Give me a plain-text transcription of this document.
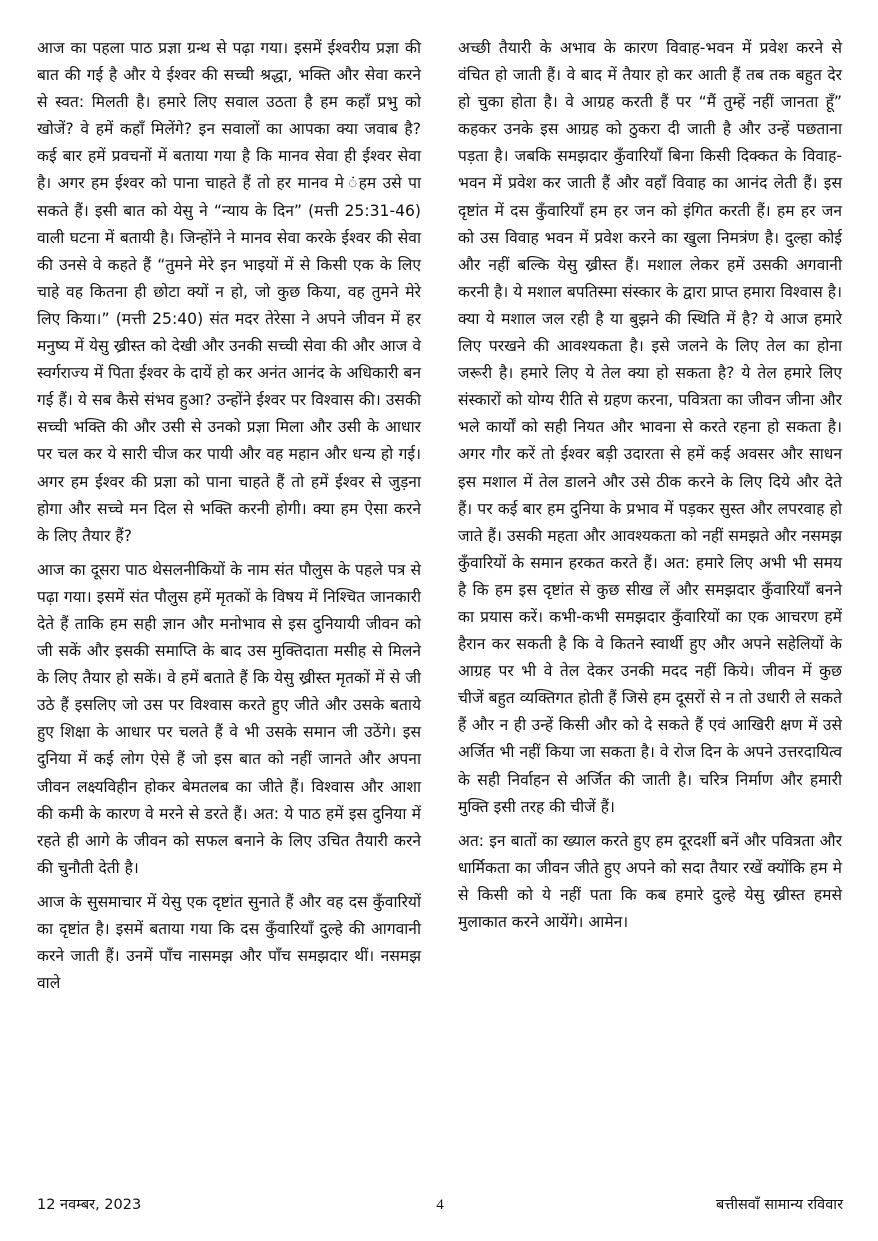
आज का पहला पाठ प्रज्ञा ग्रन्थ से पढ़ा गया। इसमें ईश्वरीय प्रज्ञा की बात की गई है और ये ईश्वर की सच्ची श्रद्धा, भक्ति और सेवा करने से स्वत: मिलती है। हमारे लिए सवाल उठता है हम कहाँ प्रभु को खोजें? वे हमें कहाँ मिलेंगे? इन सवालों का आपका क्या जवाब है? कई बार हमें प्रवचनों में बताया गया है कि मानव सेवा ही ईश्वर सेवा है। अगर हम ईश्वर को पाना चाहते हैं तो हर मानव मे ंहम उसे पा सकते हैं। इसी बात को येसु ने “न्याय के दिन” (मत्ती 25:31-46) वाली घटना में बतायी है। जिन्होंने ने मानव सेवा करके ईश्वर की सेवा की उनसे वे कहते हैं “तुमने मेरे इन भाइयों में से किसी एक के लिए चाहे वह कितना ही छोटा क्यों न हो, जो कुछ किया, वह तुमने मेरे लिए किया।” (मत्ती 25:40) संत मदर तेरेसा ने अपने जीवन में हर मनुष्य में येसु ख्रीस्त को देखी और उनकी सच्ची सेवा की और आज वे स्वर्गराज्य में पिता ईश्वर के दायें हो कर अनंत आनंद के अधिकारी बन गई हैं। ये सब कैसे संभव हुआ? उन्होंने ईश्वर पर विश्वास की। उसकी सच्ची भक्ति की और उसी से उनको प्रज्ञा मिला और उसी के आधार पर चल कर ये सारी चीज कर पायी और वह महान और धन्य हो गई। अगर हम ईश्वर की प्रज्ञा को पाना चाहते हैं तो हमें ईश्वर से जुड़ना होगा और सच्चे मन दिल से भक्ति करनी होगी। क्या हम ऐसा करने के लिए तैयार हैं?

आज का दूसरा पाठ थेसलनीकियों के नाम संत पौलुस के पहले पत्र से पढ़ा गया। इसमें संत पौलुस हमें मृतकों के विषय में निश्चित जानकारी देते हैं ताकि हम सही ज्ञान और मनोभाव से इस दुनियायी जीवन को जी सकें और इसकी समाप्ति के बाद उस मुक्तिदाता मसीह से मिलने के लिए तैयार हो सकें। वे हमें बताते हैं कि येसु ख्रीस्त मृतकों में से जी उठे हैं इसलिए जो उस पर विश्वास करते हुए जीते और उसके बताये हुए शिक्षा के आधार पर चलते हैं वे भी उसके समान जी उठेंगे। इस दुनिया में कई लोग ऐसे हैं जो इस बात को नहीं जानते और अपना जीवन लक्ष्यविहीन होकर बेमतलब का जीते हैं। विश्वास और आशा की कमी के कारण वे मरने से डरते हैं। अत: ये पाठ हमें इस दुनिया में रहते ही आगे के जीवन को सफल बनाने के लिए उचित तैयारी करने की चुनौती देती है।

आज के सुसमाचार में येसु एक दृष्टांत सुनाते हैं और वह दस कुँवारियों का दृष्टांत है। इसमें बताया गया कि दस कुँवारियाँ दुल्हे की आगवानी करने जाती हैं। उनमें पाँच नासमझ और पाँच समझदार थीं। नसमझ वाले

अच्छी तैयारी के अभाव के कारण विवाह-भवन में प्रवेश करने से वंचित हो जाती हैं। वे बाद में तैयार हो कर आती हैं तब तक बहुत देर हो चुका होता है। वे आग्रह करती हैं पर “मैं तुम्हें नहीं जानता हूँ” कहकर उनके इस आग्रह को ठुकरा दी जाती है और उन्हें पछताना पड़ता है। जबकि समझदार कुँवारियाँ बिना किसी दिक्कत के विवाह-भवन में प्रवेश कर जाती हैं और वहाँ विवाह का आनंद लेती हैं। इस दृष्टांत में दस कुँवारियाँ हम हर जन को इंगित करती हैं। हम हर जन को उस विवाह भवन में प्रवेश करने का खुला निमत्रंण है। दुल्हा कोई और नहीं बल्कि येसु ख्रीस्त हैं। मशाल लेकर हमें उसकी अगवानी करनी है। ये मशाल बपतिस्मा संस्कार के द्वारा प्राप्त हमारा विश्वास है। क्या ये मशाल जल रही है या बुझने की स्थिति में है? ये आज हमारे लिए परखने की आवश्यकता है। इसे जलने के लिए तेल का होना जरूरी है। हमारे लिए ये तेल क्या हो सकता है? ये तेल हमारे लिए संस्कारों को योग्य रीति से ग्रहण करना, पवित्रता का जीवन जीना और भले कार्यों को सही नियत और भावना से करते रहना हो सकता है। अगर गौर करें तो ईश्वर बड़ी उदारता से हमें कई अवसर और साधन इस मशाल में तेल डालने और उसे ठीक करने के लिए दिये और देते हैं। पर कई बार हम दुनिया के प्रभाव में पड़कर सुस्त और लपरवाह हो जाते हैं। उसकी महता और आवश्यकता को नहीं समझते और नसमझ कुँवारियों के समान हरकत करते हैं। अत: हमारे लिए अभी भी समय है कि हम इस दृष्टांत से कुछ सीख लें और समझदार कुँवारियाँ बनने का प्रयास करें। कभी-कभी समझदार कुँवारियों का एक आचरण हमें हैरान कर सकती है कि वे कितने स्वार्थी हुए और अपने सहेलियों के आग्रह पर भी वे तेल देकर उनकी मदद नहीं किये। जीवन में कुछ चीजें बहुत व्यक्तिगत होती हैं जिसे हम दूसरों से न तो उधारी ले सकते हैं और न ही उन्हें किसी और को दे सकते हैं एवं आखिरी क्षण में उसे अर्जित भी नहीं किया जा सकता है। वे रोज दिन के अपने उत्तरदायित्व के सही निर्वाहन से अर्जित की जाती है। चरित्र निर्माण और हमारी मुक्ति इसी तरह की चीजें हैं।

अत: इन बातों का ख्याल करते हुए हम दूरदर्शी बनें और पवित्रता और धार्मिकता का जीवन जीते हुए अपने को सदा तैयार रखें क्योंकि हम मे से किसी को ये नहीं पता कि कब हमारे दुल्हे येसु ख्रीस्त हमसे मुलाकात करने आयेंगे। आमेन।

12 नवम्बर, 2023	4	बत्तीसवाँ सामान्य रविवार
